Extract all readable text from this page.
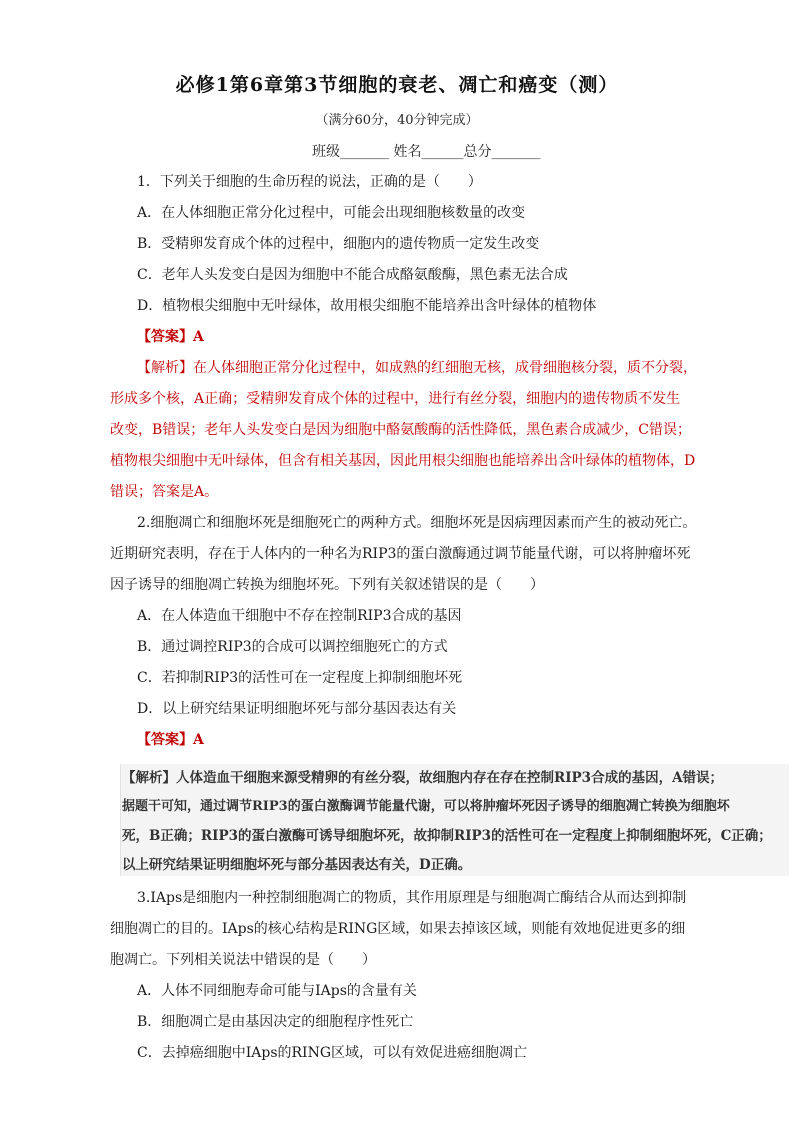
必修1第6章第3节细胞的衰老、凋亡和癌变（测）
（满分60分，40分钟完成）
班级_______ 姓名______总分_______
1．下列关于细胞的生命历程的说法，正确的是（　　）
A．在人体细胞正常分化过程中，可能会出现细胞核数量的改变
B．受精卵发育成个体的过程中，细胞内的遗传物质一定发生改变
C．老年人头发变白是因为细胞中不能合成酪氨酸酶，黑色素无法合成
D．植物根尖细胞中无叶绿体，故用根尖细胞不能培养出含叶绿体的植物体
【答案】A
【解析】在人体细胞正常分化过程中，如成熟的红细胞无核，成骨细胞核分裂，质不分裂，
形成多个核，A正确；受精卵发育成个体的过程中，进行有丝分裂，细胞内的遗传物质不发生
改变，B错误；老年人头发变白是因为细胞中酪氨酸酶的活性降低，黑色素合成减少，C错误；
植物根尖细胞中无叶绿体，但含有相关基因，因此用根尖细胞也能培养出含叶绿体的植物体，D
错误；答案是A。
2.细胞凋亡和细胞坏死是细胞死亡的两种方式。细胞坏死是因病理因素而产生的被动死亡。
近期研究表明，存在于人体内的一种名为RIP3的蛋白激酶通过调节能量代谢，可以将肿瘤坏死
因子诱导的细胞凋亡转换为细胞坏死。下列有关叙述错误的是（　　）
A．在人体造血干细胞中不存在控制RIP3合成的基因
B．通过调控RIP3的合成可以调控细胞死亡的方式
C．若抑制RIP3的活性可在一定程度上抑制细胞坏死
D．以上研究结果证明细胞坏死与部分基因表达有关
【答案】A
【解析】人体造血干细胞来源受精卵的有丝分裂，故细胞内存在存在控制RIP3合成的基因，A错误；
据题干可知，通过调节RIP3的蛋白激酶调节能量代谢，可以将肿瘤坏死因子诱导的细胞凋亡转换为细胞坏
死，B正确；RIP3的蛋白激酶可诱导细胞坏死，故抑制RIP3的活性可在一定程度上抑制细胞坏死，C正确；
以上研究结果证明细胞坏死与部分基因表达有关，D正确。
3.IAps是细胞内一种控制细胞凋亡的物质，其作用原理是与细胞凋亡酶结合从而达到抑制
细胞凋亡的目的。IAps的核心结构是RING区域，如果去掉该区域，则能有效地促进更多的细
胞凋亡。下列相关说法中错误的是（　　）
A．人体不同细胞寿命可能与IAps的含量有关
B．细胞凋亡是由基因决定的细胞程序性死亡
C．去掉癌细胞中IAps的RING区域，可以有效促进癌细胞凋亡
